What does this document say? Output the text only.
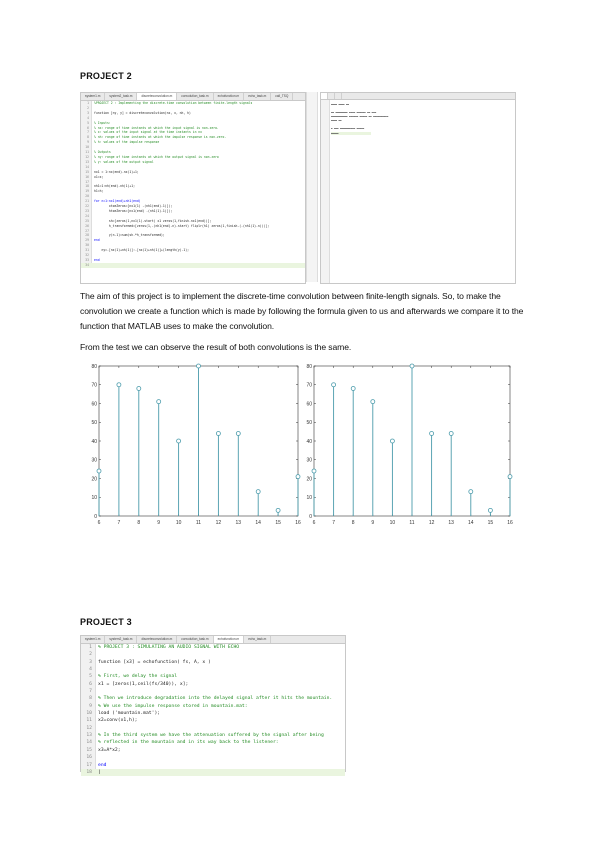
PROJECT 2
system1.m	system2_task.m	discreteconvolution.m	convolution_task.m	echofunction.m	echo_task.m	call_TSQ
1 %PROJECT 2 : Implementing the discrete-time convolution between finite-length signals
2
3 function [ny, y] = discreteconvolution(nx, x, nh, h)
4
5 % Inputs:
6 % nx: range of time instants at which the input signal is non-zero.
7 % x: values of the input signal at the time instants in nx
8 % nh: range of time instants at which the impulse response is non-zero.
9 % h: values of the impulse response
10
11 % Outputs
12 % ny: range of time instants at which the output signal is non-zero
13 % y: values of the output signal
14
15 nx1 = 1:nx(end)-nx(1)+1;
16 x1=x;
17
18 nh1=1:nh(end)-nh(1)+1;
19 h1=h;
20
21 for n=1:nx1(end)+nh1(end)
22 xtoeZeros=[nx1(1) -(nh1(end)-1)]);
23 htoeZeros=[nx1(end) -(nh1(1)-1)]);
24
25 sh=[zeros(1,nx1(1)-start) x1 zeros(1,finish-nx1(end))];
26 h_transformed=[zeros(1,-(nh1(end)-n)-start) fliplr(h1) zeros(1,finish-(-(nh1(1)-n)))];
27
28 y(n-1)=sum(sh.*h_transformed);
29 end
30
31 ny=-[nx(1)+nh(1)]:-[nx(1)+nh(1)]+(length(y)-1);
32
33 end
34
▬▬▬▬ ▬▬▬▬ ▬▬
▬▬ ▬▬▬▬▬▬▬▬ ▬▬▬▬ ▬▬▬▬▬▬ ▬▬ ▬▬▬
▬▬▬▬▬▬▬▬▬▬▬ ▬▬▬▬▬▬ ▬▬▬▬▬ ▬▬ ▬▬▬▬▬▬▬▬▬▬
▬▬▬▬ ▬▬
▬ ▬▬▬ ▬▬▬▬▬▬▬▬▬▬ ▬▬▬▬▬
▬▬▬▬▬
The aim of this project is to implement the discrete-time convolution between finite-length signals. So, to make the convolution we create a function which is made by following the formula given to us and afterwards we compare it to the function that MATLAB uses to make the convolution.
From the test we can observe the result of both convolutions is the same.
0
10
20
30
40
50
60
70
80
6	7	8	9	10	11	12	13	14	15	16
0
10
20
30
40
50
60
70
80
6	7	8	9	10	11	12	13	14	15	16
PROJECT 3
system1.m	system2_task.m	discreteconvolution.m	convolution_task.m	echofunction.m	echo_task.m
1 % PROJECT 3 : SIMULATING AN AUDIO SIGNAL WITH ECHO
2
3 function [x3] = echofunction( fs, A, x )
4
5 % First, we delay the signal
6 x1 = [zeros(1,ceil(fs/340)), x];
7
8 % Then we introduce degradation into the delayed signal after it hits the mountain.
9 % We use the impulse response stored in mountain.mat:
10 load ('mountain.mat');
11 x2=conv(x1,h);
12
13 % In the third system we have the attenuation suffered by the signal after being
14 % reflected in the mountain and in its way back to the listener:
15 x3=A*x2;
16
17 end
18 |
